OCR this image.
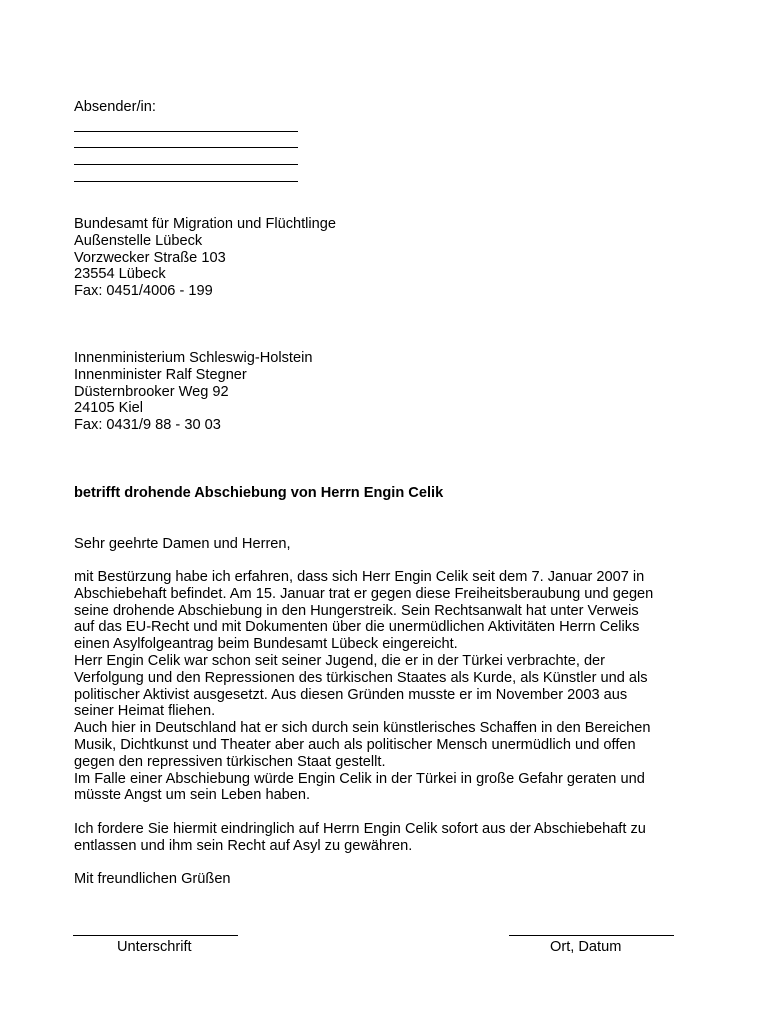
Absender/in:
Bundesamt für Migration und Flüchtlinge
Außenstelle Lübeck
Vorzwecker Straße 103
23554 Lübeck
Fax: 0451/4006 - 199
Innenministerium Schleswig-Holstein
Innenminister Ralf Stegner
Düsternbrooker Weg 92
24105 Kiel
Fax: 0431/9 88 - 30 03
betrifft drohende Abschiebung von Herrn Engin Celik
Sehr geehrte Damen und Herren,
mit Bestürzung habe ich erfahren, dass sich Herr Engin Celik seit dem 7. Januar 2007 in
Abschiebehaft befindet. Am 15. Januar trat er gegen diese Freiheitsberaubung und gegen
seine drohende Abschiebung in den Hungerstreik. Sein Rechtsanwalt hat unter Verweis
auf das EU-Recht und mit Dokumenten über die unermüdlichen Aktivitäten Herrn Celiks
einen Asylfolgeantrag beim Bundesamt Lübeck eingereicht.
Herr Engin Celik war schon seit seiner Jugend, die er in der Türkei verbrachte, der
Verfolgung und den Repressionen des türkischen Staates als Kurde, als Künstler und als
politischer Aktivist ausgesetzt. Aus diesen Gründen musste er im November 2003 aus
seiner Heimat fliehen.
Auch hier in Deutschland hat er sich durch sein künstlerisches Schaffen in den Bereichen
Musik, Dichtkunst und Theater aber auch als politischer Mensch unermüdlich und offen
gegen den repressiven türkischen Staat gestellt.
Im Falle einer Abschiebung würde Engin Celik in der Türkei in große Gefahr geraten und
müsste Angst um sein Leben haben.
Ich fordere Sie hiermit eindringlich auf Herrn Engin Celik sofort aus der Abschiebehaft zu
entlassen und ihm sein Recht auf Asyl zu gewähren.
Mit freundlichen Grüßen
Unterschrift	Ort, Datum
